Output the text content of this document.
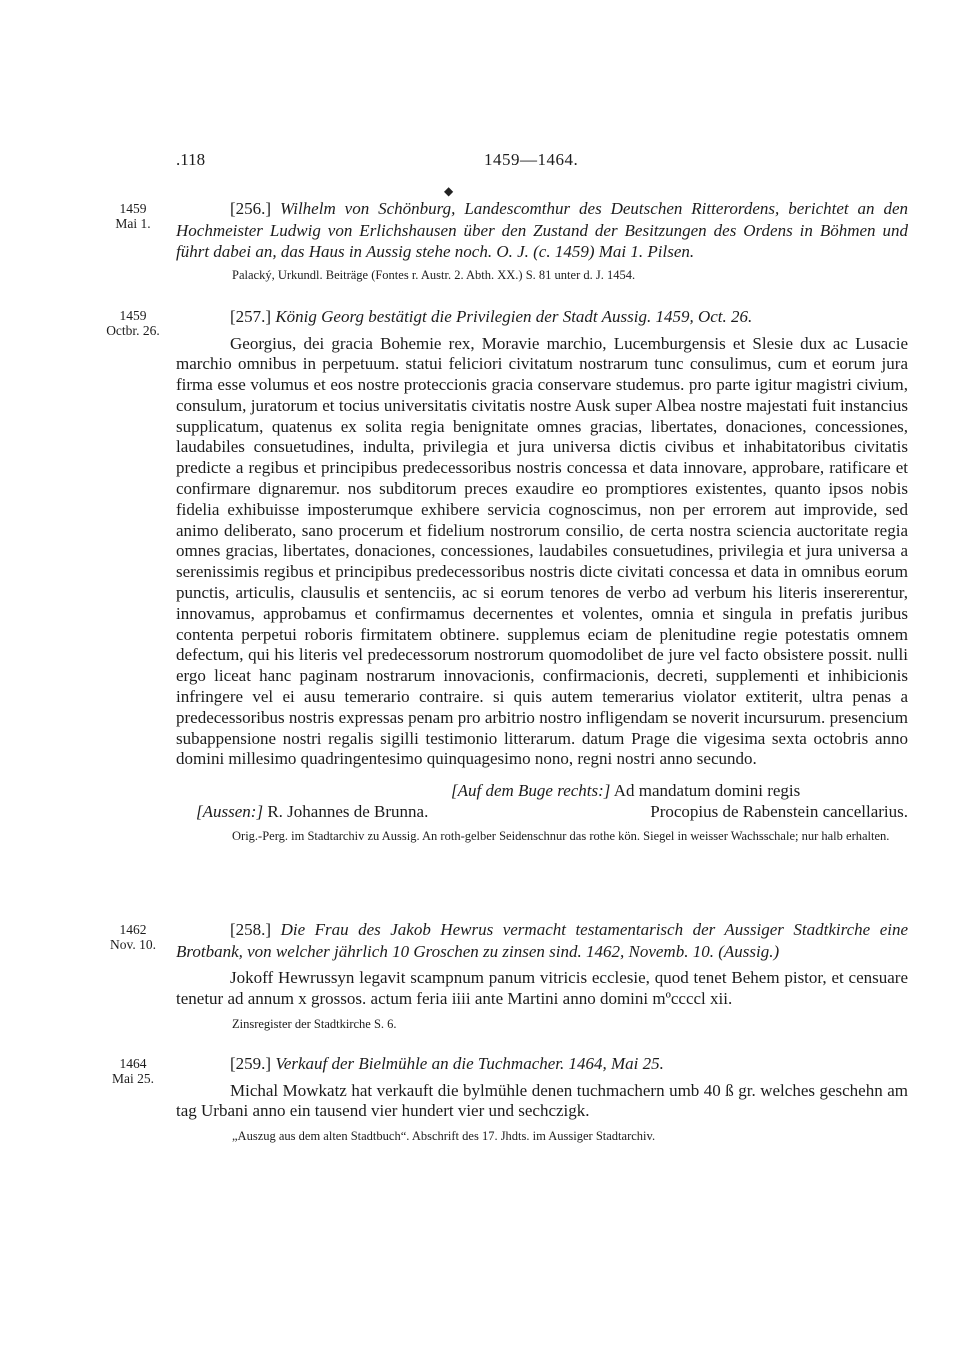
.118	1459—1464.
◆
1459
Mai 1.

[256.] Wilhelm von Schönburg, Landescomthur des Deutschen Ritterordens, berichtet an den Hochmeister Ludwig von Erlichshausen über den Zustand der Besitzungen des Ordens in Böhmen und führt dabei an, das Haus in Aussig stehe noch. O. J. (c. 1459) Mai 1. Pilsen.

Palacký, Urkundl. Beiträge (Fontes r. Austr. 2. Abth. XX.) S. 81 unter d. J. 1454.

1459
Octbr. 26.

[257.] König Georg bestätigt die Privilegien der Stadt Aussig. 1459, Oct. 26.

Georgius, dei gracia Bohemie rex, Moravie marchio, Lucemburgensis et Slesie dux ac Lusacie marchio omnibus in perpetuum. statui feliciori civitatum nostrarum tunc consulimus, cum et eorum jura firma esse volumus et eos nostre proteccionis gracia conservare studemus. pro parte igitur magistri civium, consulum, juratorum et tocius universitatis civitatis nostre Ausk super Albea nostre majestati fuit instancius supplicatum, quatenus ex solita regia benignitate omnes gracias, libertates, donaciones, concessiones, laudabiles consuetudines, indulta, privilegia et jura universa dictis civibus et inhabitatoribus civitatis predicte a regibus et principibus predecessoribus nostris concessa et data innovare, approbare, ratificare et confirmare dignaremur. nos subditorum preces exaudire eo promptiores existentes, quanto ipsos nobis fidelia exhibuisse imposterumque exhibere servicia cognoscimus, non per errorem aut improvide, sed animo deliberato, sano procerum et fidelium nostrorum consilio, de certa nostra sciencia auctoritate regia omnes gracias, libertates, donaciones, concessiones, laudabiles consuetudines, privilegia et jura universa a serenissimis regibus et principibus predecessoribus nostris dicte civitati concessa et data in omnibus eorum punctis, articulis, clausulis et sentenciis, ac si eorum tenores de verbo ad verbum his literis insererentur, innovamus, approbamus et confirmamus decernentes et volentes, omnia et singula in prefatis juribus contenta perpetui roboris firmitatem obtinere. supplemus eciam de plenitudine regie potestatis omnem defectum, qui his literis vel predecessorum nostrorum quomodolibet de jure vel facto obsistere possit. nulli ergo liceat hanc paginam nostrarum innovacionis, confirmacionis, decreti, supplementi et inhibicionis infringere vel ei ausu temerario contraire. si quis autem temerarius violator extiterit, ultra penas a predecessoribus nostris expressas penam pro arbitrio nostro infligendam se noverit incursurum. presencium subappensione nostri regalis sigilli testimonio litterarum. datum Prage die vigesima sexta octobris anno domini millesimo quadringentesimo quinquagesimo nono, regni nostri anno secundo.

[Auf dem Buge rechts:] Ad mandatum domini regis
[Aussen:] R. Johannes de Brunna.	Procopius de Rabenstein cancellarius.

Orig.-Perg. im Stadtarchiv zu Aussig. An roth-gelber Seidenschnur das rothe kön. Siegel in weisser Wachsschale; nur halb erhalten.

1462
Nov. 10.

[258.] Die Frau des Jakob Hewrus vermacht testamentarisch der Aussiger Stadtkirche eine Brotbank, von welcher jährlich 10 Groschen zu zinsen sind. 1462, Novemb. 10. (Aussig.)

Jokoff Hewrussyn legavit scampnum panum vitricis ecclesie, quod tenet Behem pistor, et censuare tenetur ad annum x grossos. actum feria iiii ante Martini anno domini mºccccl xii.

Zinsregister der Stadtkirche S. 6.

1464
Mai 25.

[259.] Verkauf der Bielmühle an die Tuchmacher. 1464, Mai 25.

Michal Mowkatz hat verkauft die bylmühle denen tuchmachern umb 40 ß gr. welches geschehn am tag Urbani anno ein tausend vier hundert vier und sechczigk.

„Auszug aus dem alten Stadtbuch“. Abschrift des 17. Jhdts. im Aussiger Stadtarchiv.
